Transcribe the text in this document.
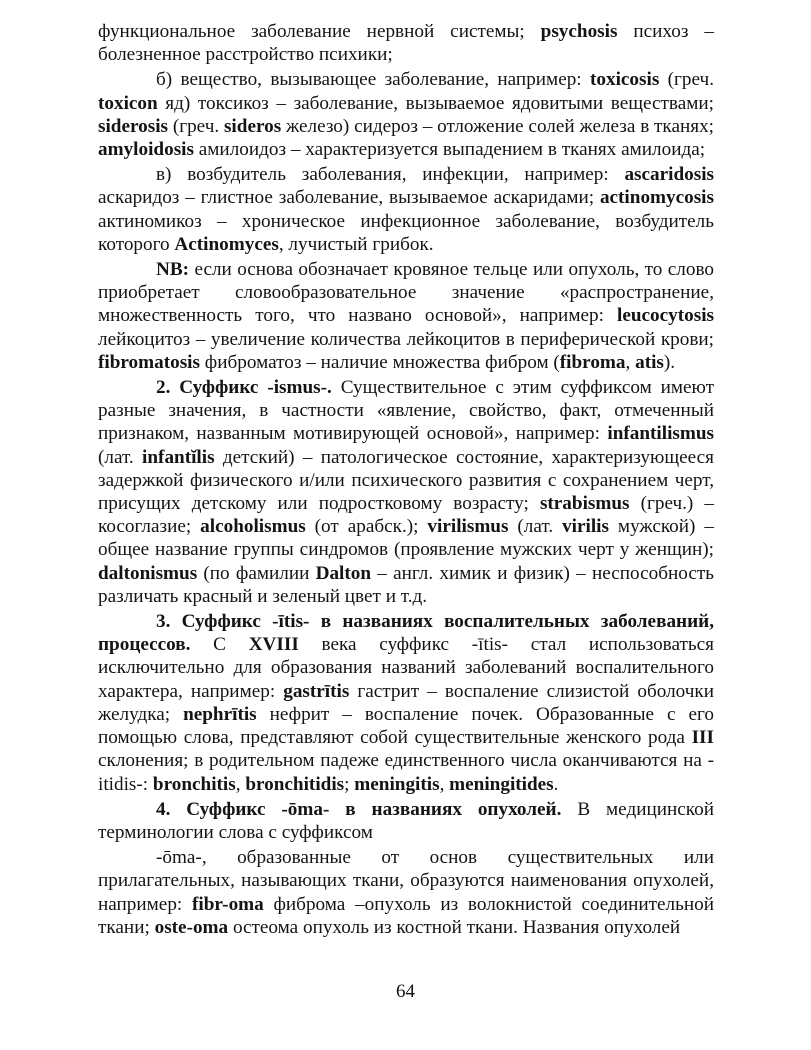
функциональное заболевание нервной системы; psychosis психоз – болезненное расстройство психики;

б) вещество, вызывающее заболевание, например: toxicosis (греч. toxicon яд) токсикоз – заболевание, вызываемое ядовитыми веществами; siderosis (греч. sideros железо) сидероз – отложение солей железа в тканях; amyloidosis амилоидоз – характеризуется выпадением в тканях амилоида;

в) возбудитель заболевания, инфекции, например: ascaridosis аскаридоз – глистное заболевание, вызываемое аскаридами; actinomycosis актиномикоз – хроническое инфекционное заболевание, возбудитель которого Actinomyces, лучистый грибок.

NB: если основа обозначает кровяное тельце или опухоль, то слово приобретает словообразовательное значение «распространение, множественность того, что названо основой», например: leucocytosis лейкоцитоз – увеличение количества лейкоцитов в периферической крови; fibromatosis фиброматоз – наличие множества фибром (fibroma, atis).

2. Суффикс -ismus-. Существительное с этим суффиксом имеют разные значения, в частности «явление, свойство, факт, отмеченный признаком, названным мотивирующей основой», например: infantilismus (лат. infantĭlis детский) – патологическое состояние, характеризующееся задержкой физического и/или психического развития с сохранением черт, присущих детскому или подростковому возрасту; strabismus (греч.) – косоглазие; alcoholismus (от арабск.); virilismus (лат. virilis мужской) – общее название группы синдромов (проявление мужских черт у женщин); daltonismus (по фамилии Dalton – англ. химик и физик) – неспособность различать красный и зеленый цвет и т.д.

3. Суффикс -ītis- в названиях воспалительных заболеваний, процессов. С XVIII века суффикс -ītis- стал использоваться исключительно для образования названий заболеваний воспалительного характера, например: gastrītis гастрит – воспаление слизистой оболочки желудка; nephrītis нефрит – воспаление почек. Образованные с его помощью слова, представляют собой существительные женского рода III склонения; в родительном падеже единственного числа оканчиваются на -itidis-: bronchitis, bronchitidis; meningitis, meningitides.

4. Суффикс -ōma- в названиях опухолей. В медицинской терминологии слова с суффиксом

-ōma-, образованные от основ существительных или прилагательных, называющих ткани, образуются наименования опухолей, например: fibr-oma фиброма –опухоль из волокнистой соединительной ткани; oste-oma остеома опухоль из костной ткани. Названия опухолей

64
